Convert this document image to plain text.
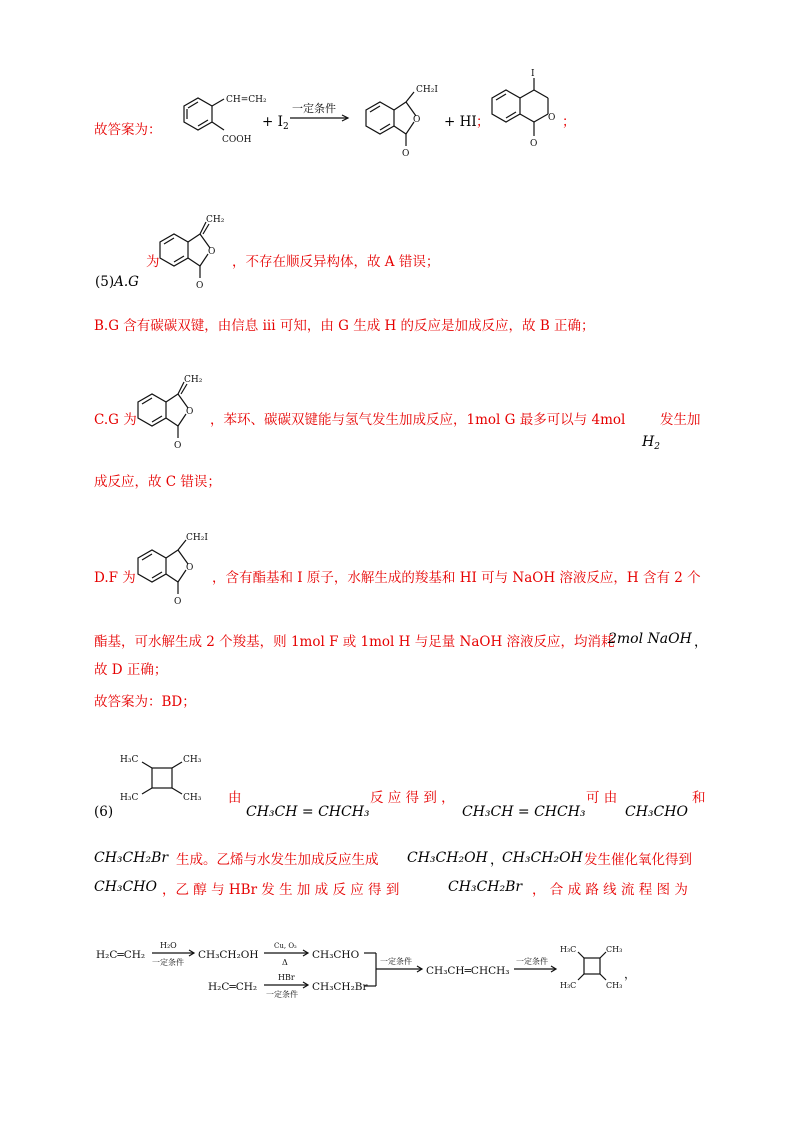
故答案为：
CH=CH₂
COOH
+ $I_2$
一定条件
CH₂I
O
O
+ HI ；
I
O
O
；
(5)A.G
为
CH₂
O
O
，不存在顺反异构体，故 A 错误；
B.G 含有碳碳双键，由信息 iii 可知，由 G 生成 H 的反应是加成反应，故 B 正确；
C.G 为
CH₂
O
O
，苯环、碳碳双键能与氢气发生加成反应，1mol G 最多可以与 4mol	发生加
$H_2$
成反应，故 C 错误；
D.F 为
CH₂I
O
O
，含有酯基和 I 原子，水解生成的羧基和 HI 可与 NaOH 溶液反应，H 含有 2 个
酯基，可水解生成 2 个羧基，则 1mol F 或 1mol H 与足量 NaOH 溶液反应，均消耗
2mol NaOH ，
故 D 正确；
故答案为：BD；
(6)
H₃C	CH₃
H₃C	CH₃ 由
CH₃CH = CHCH₃
反 应 得 到 ，
CH₃CH = CHCH₃
可 由
CH₃CHO
和
CH₃CH₂Br 生成。乙烯与水发生加成反应生成 CH₃CH₂OH ，
CH₃CH₂OH 发生催化氧化得到
CH₃CHO ，乙 醇 与 HBr 发 生 加 成 反 应 得 到	CH₃CH₂Br ， 合 成 路 线 流 程 图 为
H₂C═CH₂
H₂O
一定条件
CH₃CH₂OH
Cu, O₂
Δ
CH₃CHO
H₂C═CH₂
HBr
一定条件
CH₃CH₂Br
一定条件
CH₃CH═CHCH₃
一定条件
H₃C	CH₃
H₃C	CH₃
，
